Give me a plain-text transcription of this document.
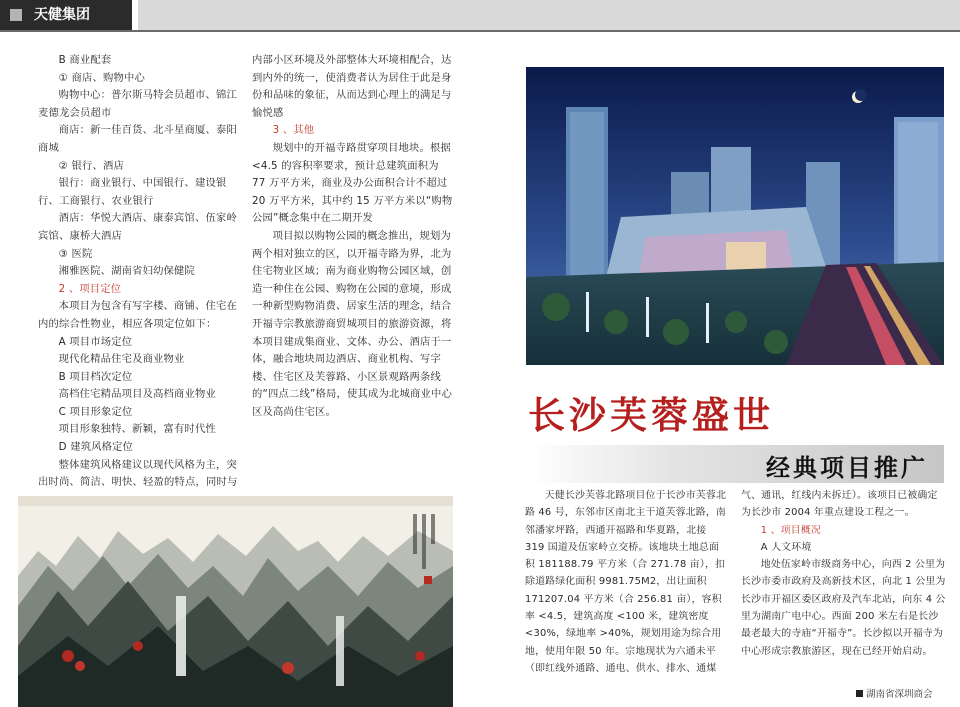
天健集团

B 商业配套

① 商店、购物中心

购物中心：普尔斯马特会员超市、锦江麦德龙会员超市

商店：新一佳百货、北斗星商厦、泰阳商城

② 银行、酒店

银行：商业银行、中国银行、建设银行、工商银行、农业银行

酒店：华悦大酒店、康泰宾馆、伍家岭宾馆、康桥大酒店

③ 医院

湘雅医院、湖南省妇幼保健院

2 、项目定位

本项目为包含有写字楼、商铺、住宅在内的综合性物业，相应各项定位如下：

A 项目市场定位

现代化精品住宅及商业物业

B 项目档次定位

高档住宅精品项目及高档商业物业

C 项目形象定位

项目形象独特、新颖，富有时代性

D 建筑风格定位

整体建筑风格建议以现代风格为主，突出时尚、简洁、明快、轻盈的特点，同时与

内部小区环境及外部整体大环境相配合，达到内外的统一，使消费者认为居住于此是身份和品味的象征，从而达到心理上的满足与愉悦感

3 、其他

规划中的开福寺路贯穿项目地块。根据 <4.5 的容积率要求，预计总建筑面积为 77 万平方米，商业及办公面积合计不超过 20 万平方米，其中约 15 万平方米以“购物公园”概念集中在二期开发

项目拟以购物公园的概念推出，规划为两个相对独立的区，以开福寺路为界，北为住宅物业区域；南为商业购物公园区域，创造一种住在公园、购物在公园的意境，形成一种新型购物消费、居家生活的理念，结合开福寺宗教旅游商贸城项目的旅游资源，将本项目建成集商业、文体、办公、酒店于一体，融合地块周边酒店、商业机构、写字楼、住宅区及芙蓉路、小区景观路两条线的“四点二线”格局，使其成为北城商业中心区及高尚住宅区。	长沙芙蓉盛世
经典项目推广

天健长沙芙蓉北路项目位于长沙市芙蓉北路 46 号，东邻市区南北主干道芙蓉北路，南邻潘家坪路，西通开福路和华夏路，北接 319 国道及伍家岭立交桥。该地块土地总面积 181188.79 平方米（合 271.78 亩），扣除道路绿化面积 9981.75M2，出让面积 171207.04 平方米（合 256.81 亩），容积率 <4.5，建筑高度 <100 米，建筑密度 <30%，绿地率 >40%，规划用途为综合用地，使用年限 50 年。宗地现状为六通未平（即红线外通路、通电、供水、排水、通煤

气、通讯，红线内未拆迁）。该项目已被确定为长沙市 2004 年重点建设工程之一。

1 、项目概况

A 人文环境

地处伍家岭市级商务中心，向西 2 公里为长沙市委市政府及高新技术区，向北 1 公里为长沙市开福区委区政府及汽车北站，向东 4 公里为湖南广电中心。西面 200 米左右是长沙最老最大的寺庙“开福寺”。长沙拟以开福寺为中心形成宗教旅游区，现在已经开始启动。

湖南省深圳商会
